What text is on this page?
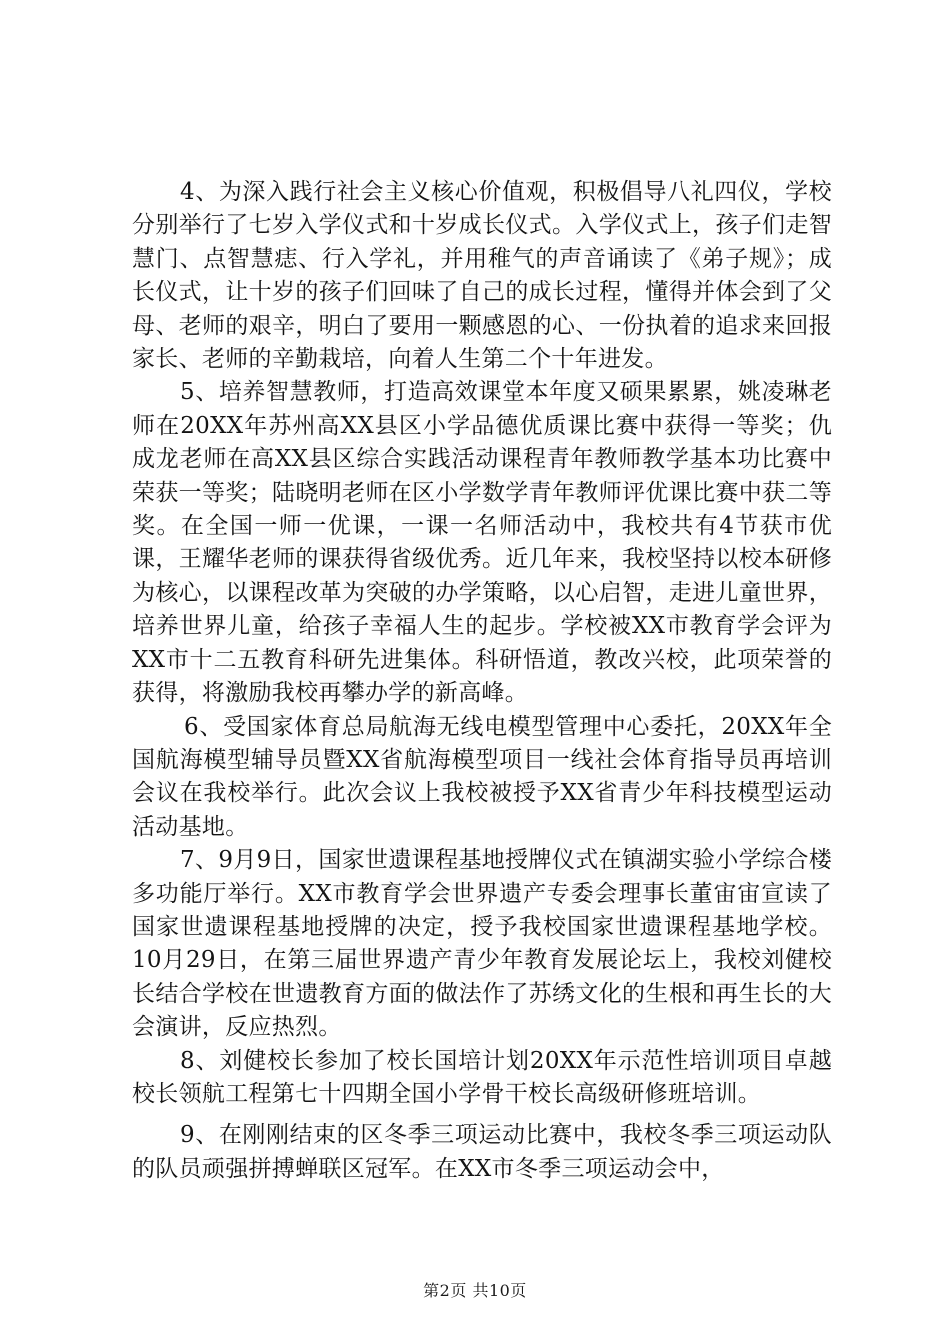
4、为深入践行社会主义核心价值观，积极倡导八礼四仪，学校分别举行了七岁入学仪式和十岁成长仪式。入学仪式上，孩子们走智慧门、点智慧痣、行入学礼，并用稚气的声音诵读了《弟子规》；成长仪式，让十岁的孩子们回味了自己的成长过程，懂得并体会到了父母、老师的艰辛，明白了要用一颗感恩的心、一份执着的追求来回报家长、老师的辛勤栽培，向着人生第二个十年进发。

5、培养智慧教师，打造高效课堂本年度又硕果累累，姚凌琳老师在20XX年苏州高XX县区小学品德优质课比赛中获得一等奖；仇成龙老师在高XX县区综合实践活动课程青年教师教学基本功比赛中荣获一等奖；陆晓明老师在区小学数学青年教师评优课比赛中获二等奖。在全国一师一优课，一课一名师活动中，我校共有4节获市优课，王耀华老师的课获得省级优秀。近几年来，我校坚持以校本研修为核心，以课程改革为突破的办学策略，以心启智，走进儿童世界，培养世界儿童，给孩子幸福人生的起步。学校被XX市教育学会评为XX市十二五教育科研先进集体。科研悟道，教改兴校，此项荣誉的获得，将激励我校再攀办学的新高峰。

6、受国家体育总局航海无线电模型管理中心委托，20XX年全国航海模型辅导员暨XX省航海模型项目一线社会体育指导员再培训会议在我校举行。此次会议上我校被授予XX省青少年科技模型运动活动基地。

7、9月9日，国家世遗课程基地授牌仪式在镇湖实验小学综合楼多功能厅举行。XX市教育学会世界遗产专委会理事长董宙宙宣读了国家世遗课程基地授牌的决定，授予我校国家世遗课程基地学校。10月29日，在第三届世界遗产青少年教育发展论坛上，我校刘健校长结合学校在世遗教育方面的做法作了苏绣文化的生根和再生长的大会演讲，反应热烈。

8、刘健校长参加了校长国培计划20XX年示范性培训项目卓越校长领航工程第七十四期全国小学骨干校长高级研修班培训。

9、在刚刚结束的区冬季三项运动比赛中，我校冬季三项运动队的队员顽强拼搏蝉联区冠军。在XX市冬季三项运动会中，

第2页 共10页
